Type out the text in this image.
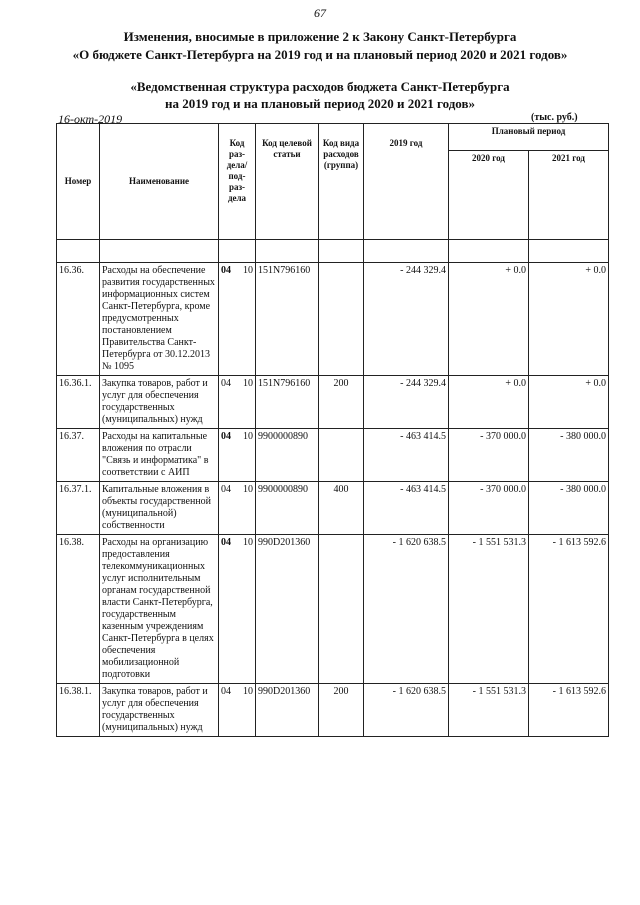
67
Изменения, вносимые в приложение 2 к Закону Санкт-Петербурга
«О бюджете Санкт-Петербурга на 2019 год и на плановый период 2020 и 2021 годов»
«Ведомственная структура расходов бюджета Санкт-Петербурга
на 2019 год и на плановый период 2020 и 2021 годов»
16-окт-2019	(тыс. руб.)
Номер	Наименование	Код раз- дела/ под- раз- дела	Код целевой статьи	Код вида расходов (группа)	2019 год	Плановый период	
						2020 год	2021 год

16.36.	Расходы на обеспечение развития государственных информационных систем Санкт-Петербурга, кроме предусмотренных постановлением Правительства Санкт-Петербурга от 30.12.2013 № 1095	04 10	151N796160		- 244 329.4	+ 0.0	+ 0.0
16.36.1.	Закупка товаров, работ и услуг для обеспечения государственных (муниципальных) нужд	04 10	151N796160	200	- 244 329.4	+ 0.0	+ 0.0
16.37.	Расходы на капитальные вложения по отрасли "Связь и информатика" в соответствии с АИП	04 10	9900000890		- 463 414.5	- 370 000.0	- 380 000.0
16.37.1.	Капитальные вложения в объекты государственной (муниципальной) собственности	04 10	9900000890	400	- 463 414.5	- 370 000.0	- 380 000.0
16.38.	Расходы на организацию предоставления телекоммуникационных услуг исполнительным органам государственной власти Санкт-Петербурга, государственным казенным учреждениям Санкт-Петербурга в целях обеспечения мобилизационной подготовки	04 10	990D201360		- 1 620 638.5	- 1 551 531.3	- 1 613 592.6
16.38.1.	Закупка товаров, работ и услуг для обеспечения государственных (муниципальных) нужд	04 10	990D201360	200	- 1 620 638.5	- 1 551 531.3	- 1 613 592.6
